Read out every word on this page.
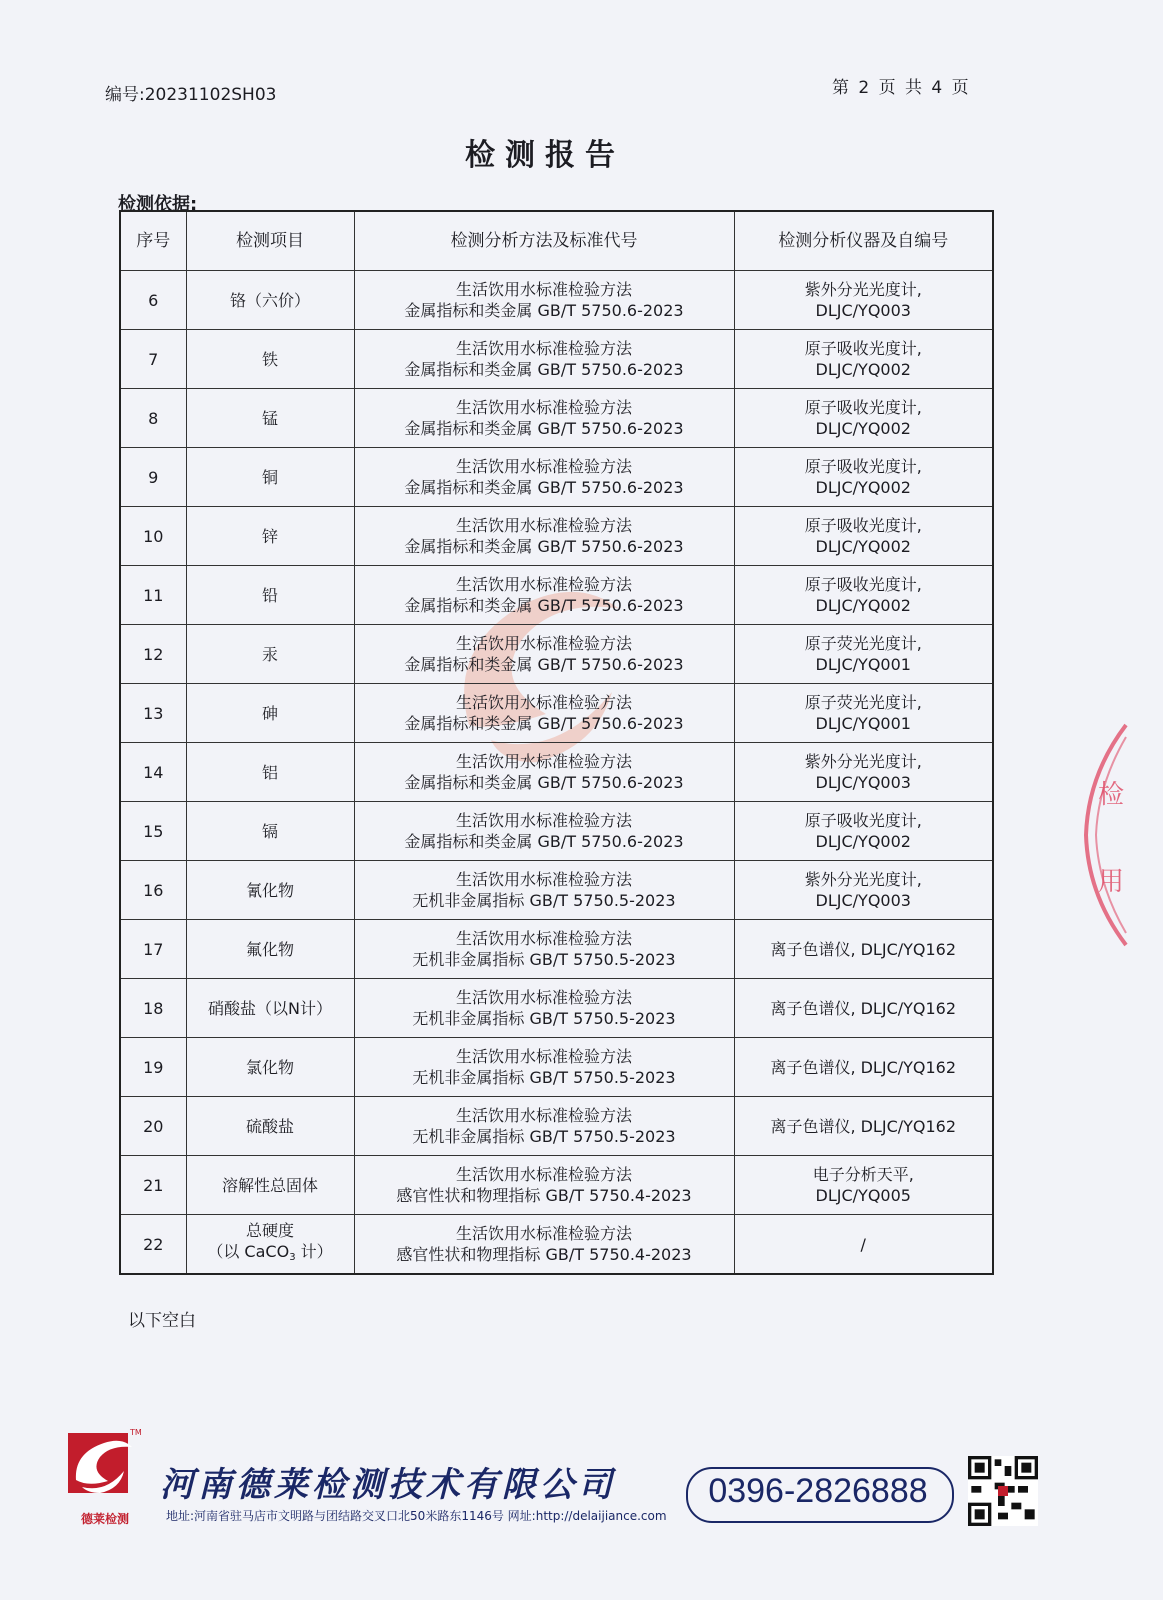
编号:20231102SH03	第 2 页 共 4 页
检测报告
检测依据:
序号	检测项目	检测分析方法及标准代号	检测分析仪器及自编号
6	铬（六价）	生活饮用水标准检验方法
金属指标和类金属 GB/T 5750.6-2023	紫外分光光度计,
DLJC/YQ003

7	铁	生活饮用水标准检验方法
金属指标和类金属 GB/T 5750.6-2023	原子吸收光度计,
DLJC/YQ002

8	锰	生活饮用水标准检验方法
金属指标和类金属 GB/T 5750.6-2023	原子吸收光度计,
DLJC/YQ002

9	铜	生活饮用水标准检验方法
金属指标和类金属 GB/T 5750.6-2023	原子吸收光度计,
DLJC/YQ002

10	锌	生活饮用水标准检验方法
金属指标和类金属 GB/T 5750.6-2023	原子吸收光度计,
DLJC/YQ002

11	铅	生活饮用水标准检验方法
金属指标和类金属 GB/T 5750.6-2023	原子吸收光度计,
DLJC/YQ002

12	汞	生活饮用水标准检验方法
金属指标和类金属 GB/T 5750.6-2023	原子荧光光度计,
DLJC/YQ001

13	砷	生活饮用水标准检验方法
金属指标和类金属 GB/T 5750.6-2023	原子荧光光度计,
DLJC/YQ001

14	铝	生活饮用水标准检验方法
金属指标和类金属 GB/T 5750.6-2023	紫外分光光度计,
DLJC/YQ003

15	镉	生活饮用水标准检验方法
金属指标和类金属 GB/T 5750.6-2023	原子吸收光度计,
DLJC/YQ002

16	氰化物	生活饮用水标准检验方法
无机非金属指标 GB/T 5750.5-2023	紫外分光光度计,
DLJC/YQ003

17	氟化物	生活饮用水标准检验方法
无机非金属指标 GB/T 5750.5-2023	离子色谱仪, DLJC/YQ162

18	硝酸盐（以N计）	生活饮用水标准检验方法
无机非金属指标 GB/T 5750.5-2023	离子色谱仪, DLJC/YQ162

19	氯化物	生活饮用水标准检验方法
无机非金属指标 GB/T 5750.5-2023	离子色谱仪, DLJC/YQ162

20	硫酸盐	生活饮用水标准检验方法
无机非金属指标 GB/T 5750.5-2023	离子色谱仪, DLJC/YQ162

21	溶解性总固体	生活饮用水标准检验方法
感官性状和物理指标 GB/T 5750.4-2023	电子分析天平,
DLJC/YQ005

22	总硬度
（以 CaCO$_3$ 计）	生活饮用水标准检验方法
感官性状和物理指标 GB/T 5750.4-2023	/
以下空白
检
用
TM
德莱检测
河南德莱检测技术有限公司
地址:河南省驻马店市文明路与团结路交叉口北50米路东1146号 网址:http://delaijiance.com
0396-2826888
